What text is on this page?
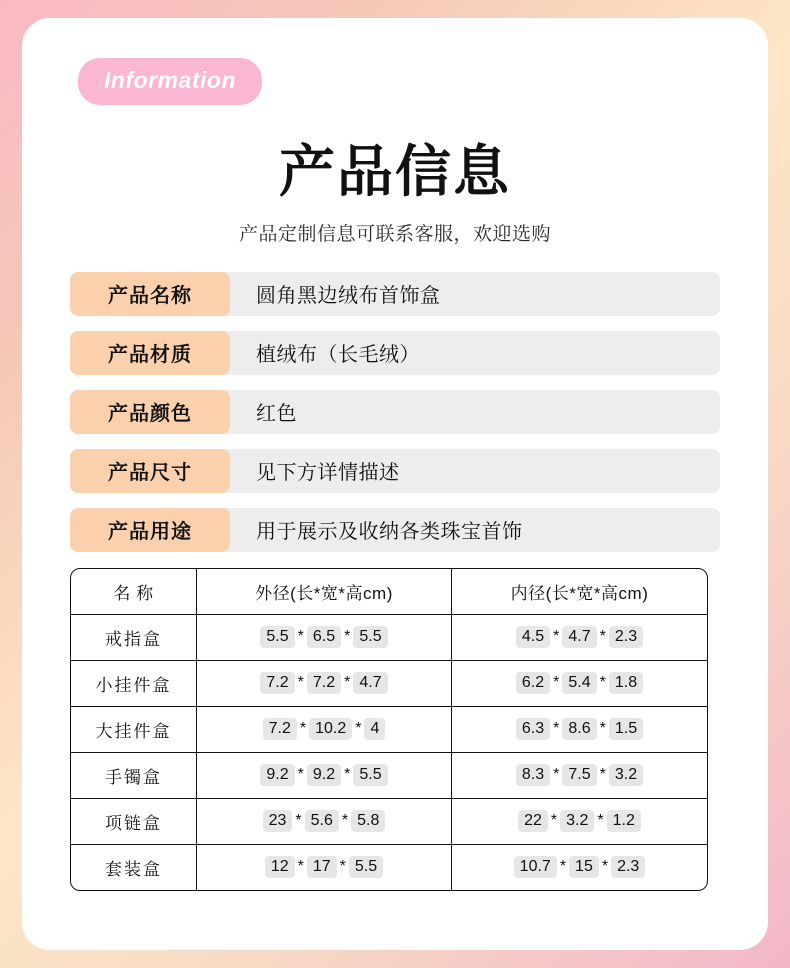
Information
产品信息
产品定制信息可联系客服，欢迎选购
产品名称	圆角黑边绒布首饰盒
产品材质	植绒布（长毛绒）
产品颜色	红色
产品尺寸	见下方详情描述
产品用途	用于展示及收纳各类珠宝首饰
名 称	外径(长*宽*高cm)	内径(长*宽*高cm)
戒指盒	5.5 * 6.5 * 5.5	4.5 * 4.7 * 2.3
小挂件盒	7.2 * 7.2 * 4.7	6.2 * 5.4 * 1.8
大挂件盒	7.2 * 10.2 * 4	6.3 * 8.6 * 1.5
手镯盒	9.2 * 9.2 * 5.5	8.3 * 7.5 * 3.2
项链盒	23 * 5.6 * 5.8	22 * 3.2 * 1.2
套装盒	12 * 17 * 5.5	10.7 * 15 * 2.3
